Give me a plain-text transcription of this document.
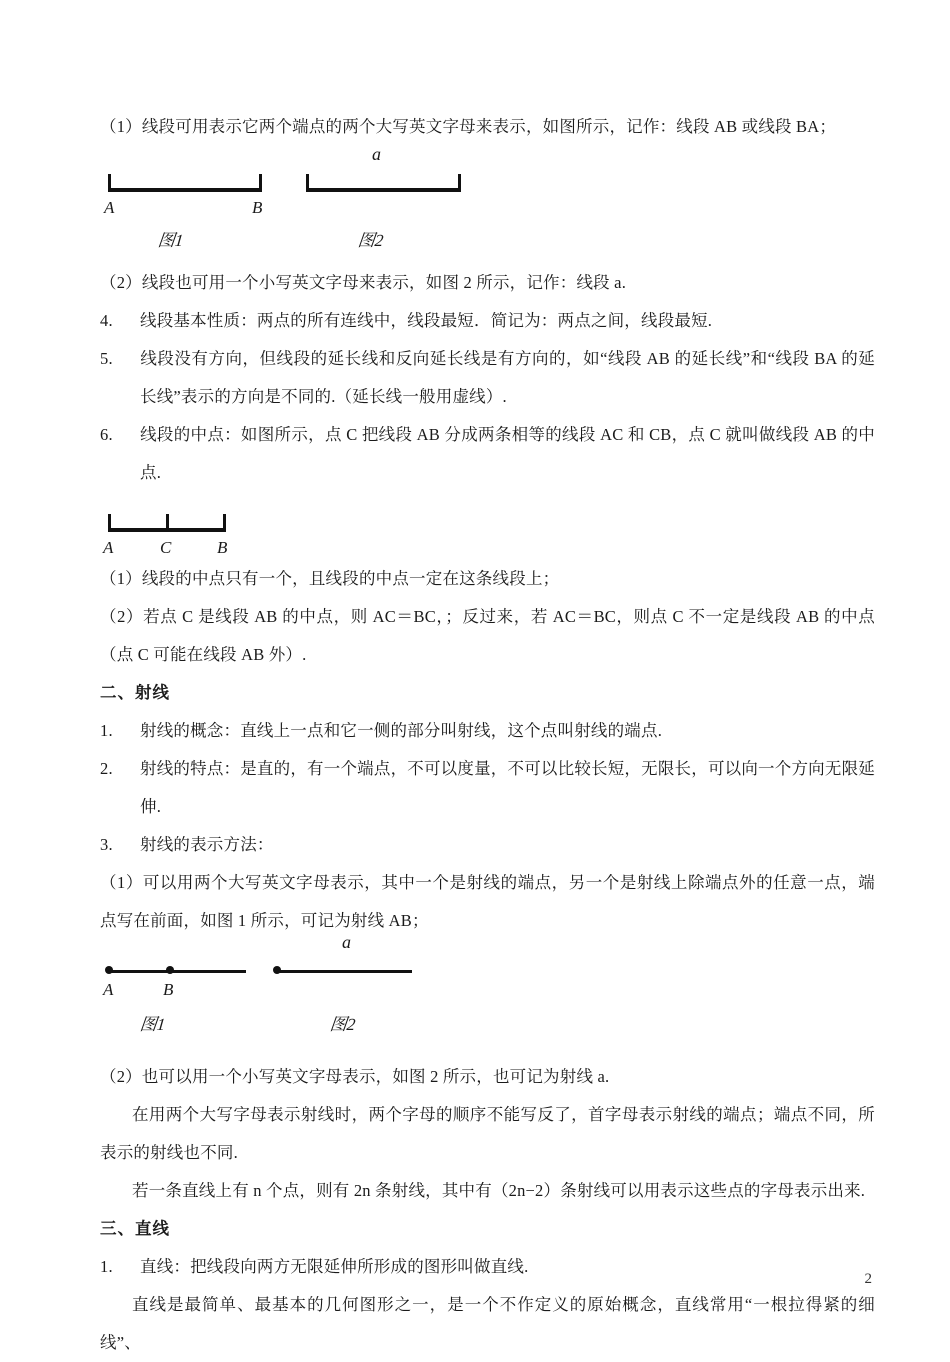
（1）线段可用表示它两个端点的两个大写英文字母来表示，如图所示，记作：线段 AB 或线段 BA；

A	B
图1
a
图2

（2）线段也可用一个小写英文字母来表示，如图 2 所示，记作：线段 a.

4. 线段基本性质：两点的所有连线中，线段最短．简记为：两点之间，线段最短.

5. 线段没有方向，但线段的延长线和反向延长线是有方向的，如“线段 AB 的延长线”和“线段 BA 的延长线”表示的方向是不同的.（延长线一般用虚线）.

6. 线段的中点：如图所示，点 C 把线段 AB 分成两条相等的线段 AC 和 CB，点 C 就叫做线段 AB 的中点.

A	C	B

（1）线段的中点只有一个，且线段的中点一定在这条线段上；

（2）若点 C 是线段 AB 的中点，则 AC＝BC，；反过来，若 AC＝BC，则点 C 不一定是线段 AB 的中点（点 C 可能在线段 AB 外）.

二、射线

1. 射线的概念：直线上一点和它一侧的部分叫射线，这个点叫射线的端点.

2. 射线的特点：是直的，有一个端点，不可以度量，不可以比较长短，无限长，可以向一个方向无限延伸.

3. 射线的表示方法：

（1）可以用两个大写英文字母表示，其中一个是射线的端点，另一个是射线上除端点外的任意一点，端点写在前面，如图 1 所示，可记为射线 AB；

A	B
图1
a
图2

（2）也可以用一个小写英文字母表示，如图 2 所示，也可记为射线 a.

在用两个大写字母表示射线时，两个字母的顺序不能写反了，首字母表示射线的端点；端点不同，所表示的射线也不同.

若一条直线上有 n 个点，则有 2n 条射线，其中有（2n−2）条射线可以用表示这些点的字母表示出来.

三、直线

1. 直线：把线段向两方无限延伸所形成的图形叫做直线.

直线是最简单、最基本的几何图形之一，是一个不作定义的原始概念，直线常用“一根拉得紧的细线”、

2
